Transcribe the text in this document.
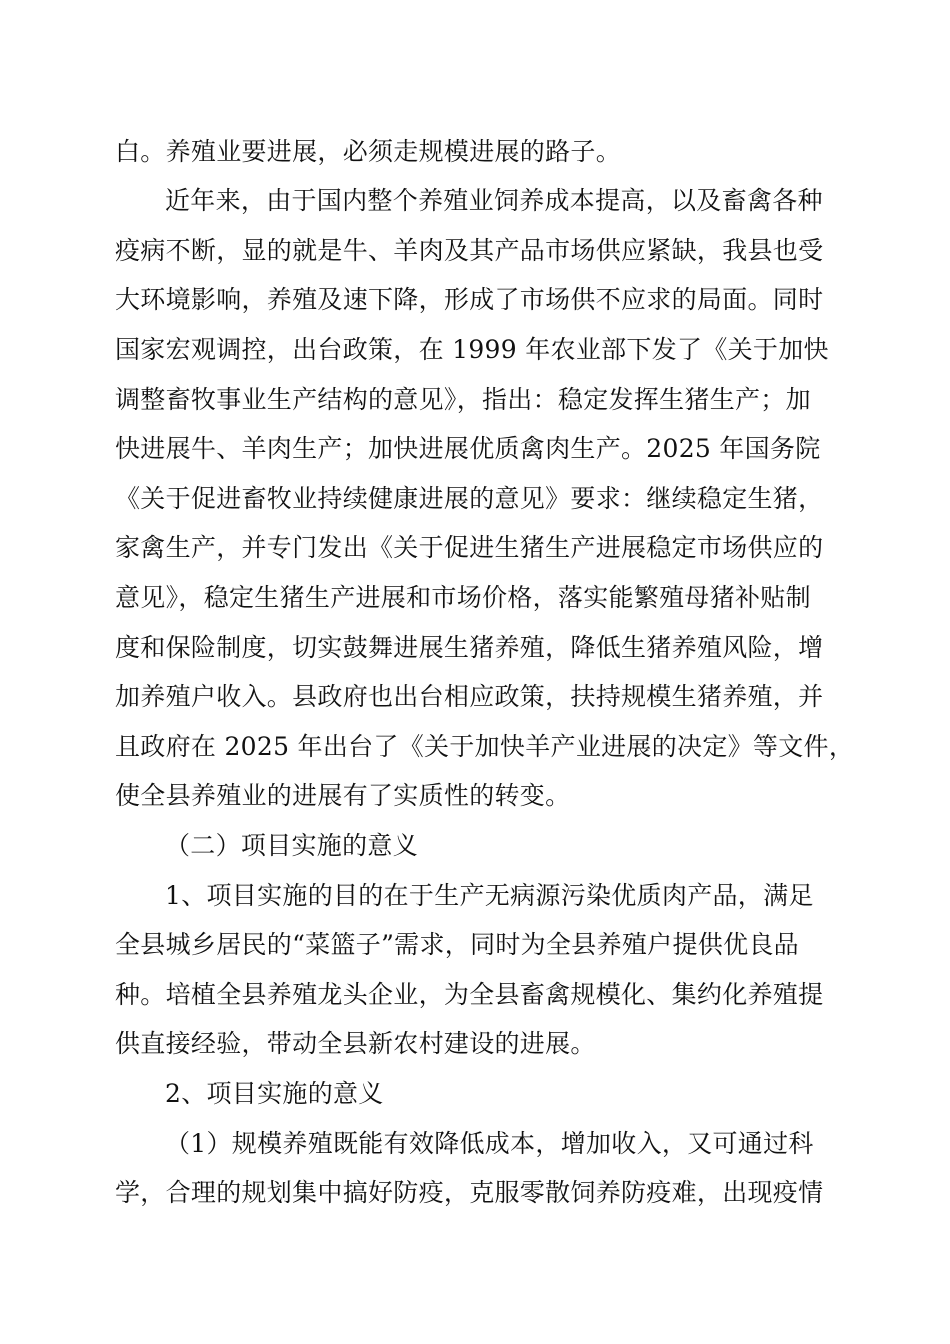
白。养殖业要进展，必须走规模进展的路子。
近年来，由于国内整个养殖业饲养成本提高，以及畜禽各种
疫病不断，显的就是牛、羊肉及其产品市场供应紧缺，我县也受
大环境影响，养殖及速下降，形成了市场供不应求的局面。同时
国家宏观调控，出台政策，在 1999 年农业部下发了《关于加快
调整畜牧事业生产结构的意见》，指出：稳定发挥生猪生产；加
快进展牛、羊肉生产；加快进展优质禽肉生产。2025 年国务院
《关于促进畜牧业持续健康进展的意见》要求：继续稳定生猪，
家禽生产，并专门发出《关于促进生猪生产进展稳定市场供应的
意见》，稳定生猪生产进展和市场价格，落实能繁殖母猪补贴制
度和保险制度，切实鼓舞进展生猪养殖，降低生猪养殖风险，增
加养殖户收入。县政府也出台相应政策，扶持规模生猪养殖，并
且政府在 2025 年出台了《关于加快羊产业进展的决定》等文件，
使全县养殖业的进展有了实质性的转变。
（二）项目实施的意义
1、项目实施的目的在于生产无病源污染优质肉产品，满足
全县城乡居民的“菜篮子”需求，同时为全县养殖户提供优良品
种。培植全县养殖龙头企业，为全县畜禽规模化、集约化养殖提
供直接经验，带动全县新农村建设的进展。
2、项目实施的意义
（1）规模养殖既能有效降低成本，增加收入，又可通过科
学，合理的规划集中搞好防疫，克服零散饲养防疫难，出现疫情
